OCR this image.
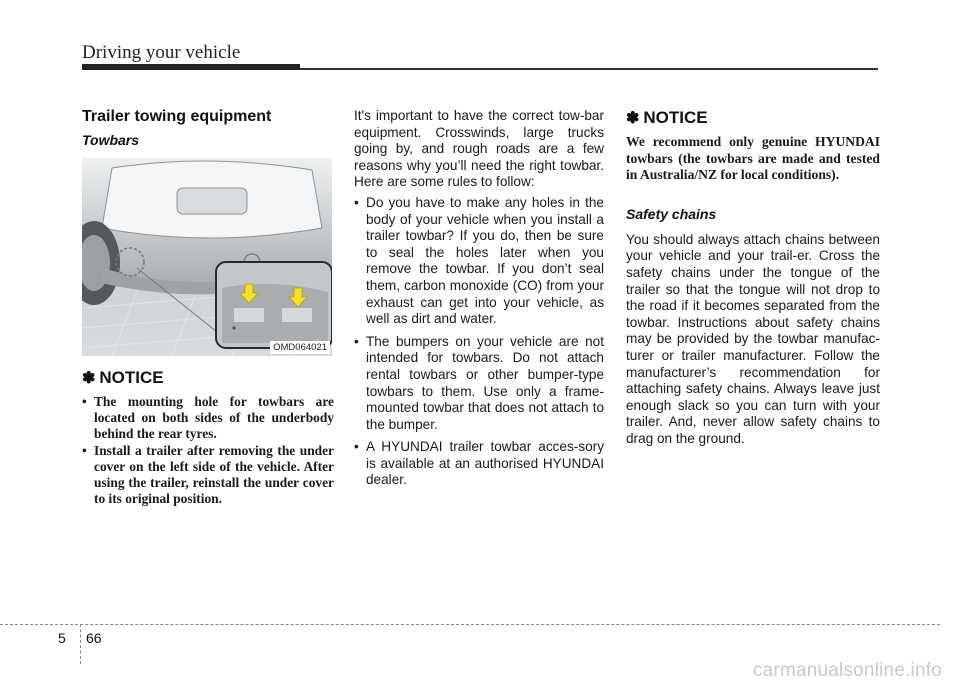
Driving your vehicle
Trailer towing equipment
Towbars
OMD064021
✽ NOTICE
• The mounting hole for towbars are located on both sides of the underbody behind the rear tyres.
• Install a trailer after removing the under cover on the left side of the vehicle. After using the trailer, reinstall the under cover to its original position.

It's important to have the correct tow-bar equipment. Crosswinds, large trucks going by, and rough roads are a few reasons why you’ll need the right towbar. Here are some rules to follow:

• Do you have to make any holes in the body of your vehicle when you install a trailer towbar? If you do, then be sure to seal the holes later when you remove the towbar. If you don’t seal them, carbon monoxide (CO) from your exhaust can get into your vehicle, as well as dirt and water.
• The bumpers on your vehicle are not intended for towbars. Do not attach rental towbars or other bumper-type towbars to them. Use only a frame-mounted towbar that does not attach to the bumper.
• A HYUNDAI trailer towbar acces-sory is available at an authorised HYUNDAI dealer.
✽ NOTICE

We recommend only genuine HYUNDAI towbars (the towbars are made and tested in Australia/NZ for local conditions).

Safety chains

You should always attach chains between your vehicle and your trail-er. Cross the safety chains under the tongue of the trailer so that the tongue will not drop to the road if it becomes separated from the towbar. Instructions about safety chains may be provided by the towbar manufac-turer or trailer manufacturer. Follow the manufacturer’s recommendation for attaching safety chains. Always leave just enough slack so you can turn with your trailer. And, never allow safety chains to drag on the ground.

5 66
carmanualsonline.info
